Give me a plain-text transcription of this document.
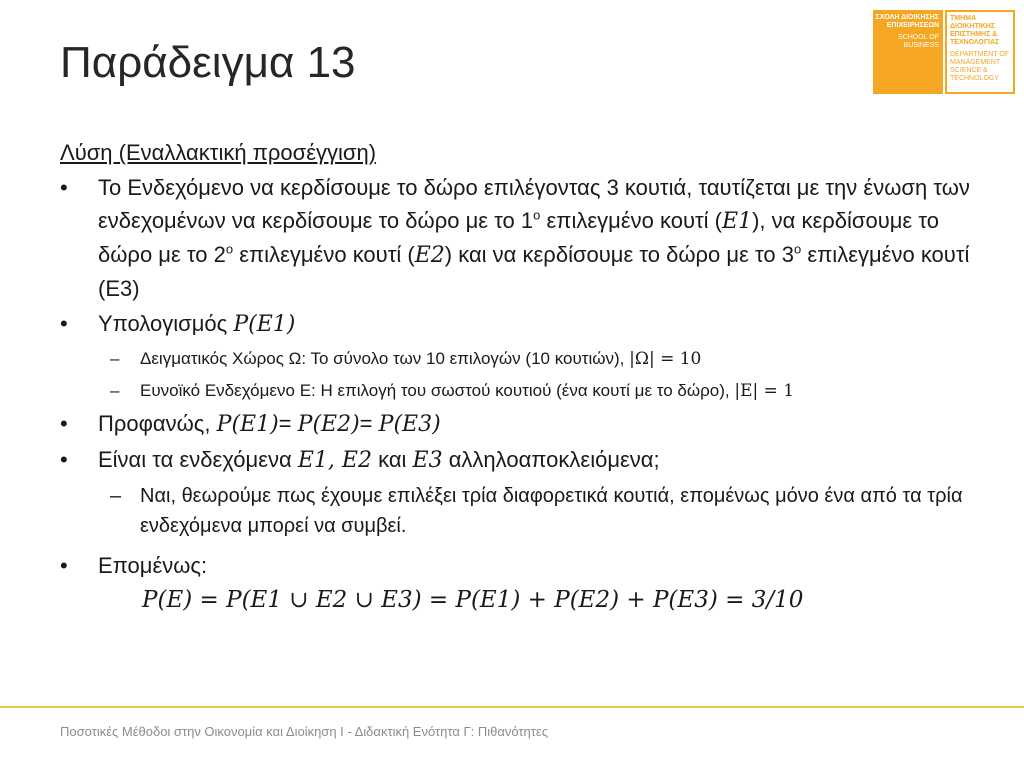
Παράδειγμα 13
ΣΧΟΛΗ ΔΙΟΙΚΗΣΗΣ ΕΠΙΧΕΙΡΗΣΕΩΝ
SCHOOL OF BUSINESS
ΤΜΗΜΑ ΔΙΟΙΚΗΤΙΚΗΣ ΕΠΙΣΤΗΜΗΣ & ΤΕΧΝΟΛΟΓΙΑΣ
DEPARTMENT OF MANAGEMENT SCIENCE & TECHNOLOGY
Λύση (Εναλλακτική προσέγγιση)
• Το Ενδεχόμενο να κερδίσουμε το δώρο επιλέγοντας 3 κουτιά, ταυτίζεται με την ένωση των ενδεχομένων να κερδίσουμε το δώρο με το $1^o$ επιλεγμένο κουτί (E1), να κερδίσουμε το δώρο με το $2^o$ επιλεγμένο κουτί (E2) και να κερδίσουμε το δώρο με το $3^o$ επιλεγμένο κουτί (Ε3)
• Υπολογισμός P(E1)
– Δειγματικός Χώρος Ω: Το σύνολο των 10 επιλογών (10 κουτιών), |Ω| = 10
– Ευνοϊκό Ενδεχόμενο E: Η επιλογή του σωστού κουτιού (ένα κουτί με το δώρο), |E| = 1
• Προφανώς, P(E1)= P(E2)= P(E3)
• Είναι τα ενδεχόμενα E1, E2 και E3 αλληλοαποκλειόμενα;
– Ναι, θεωρούμε πως έχουμε επιλέξει τρία διαφορετικά κουτιά, επομένως μόνο ένα από τα τρία ενδεχόμενα μπορεί να συμβεί.
• Επομένως:
P(E) = P(E1 ∪ E2 ∪ E3) = P(E1) + P(E2) + P(E3) = 3/10
Ποσοτικές Μέθοδοι στην Οικονομία και Διοίκηση Ι - Διδακτική Ενότητα Γ: Πιθανότητες
